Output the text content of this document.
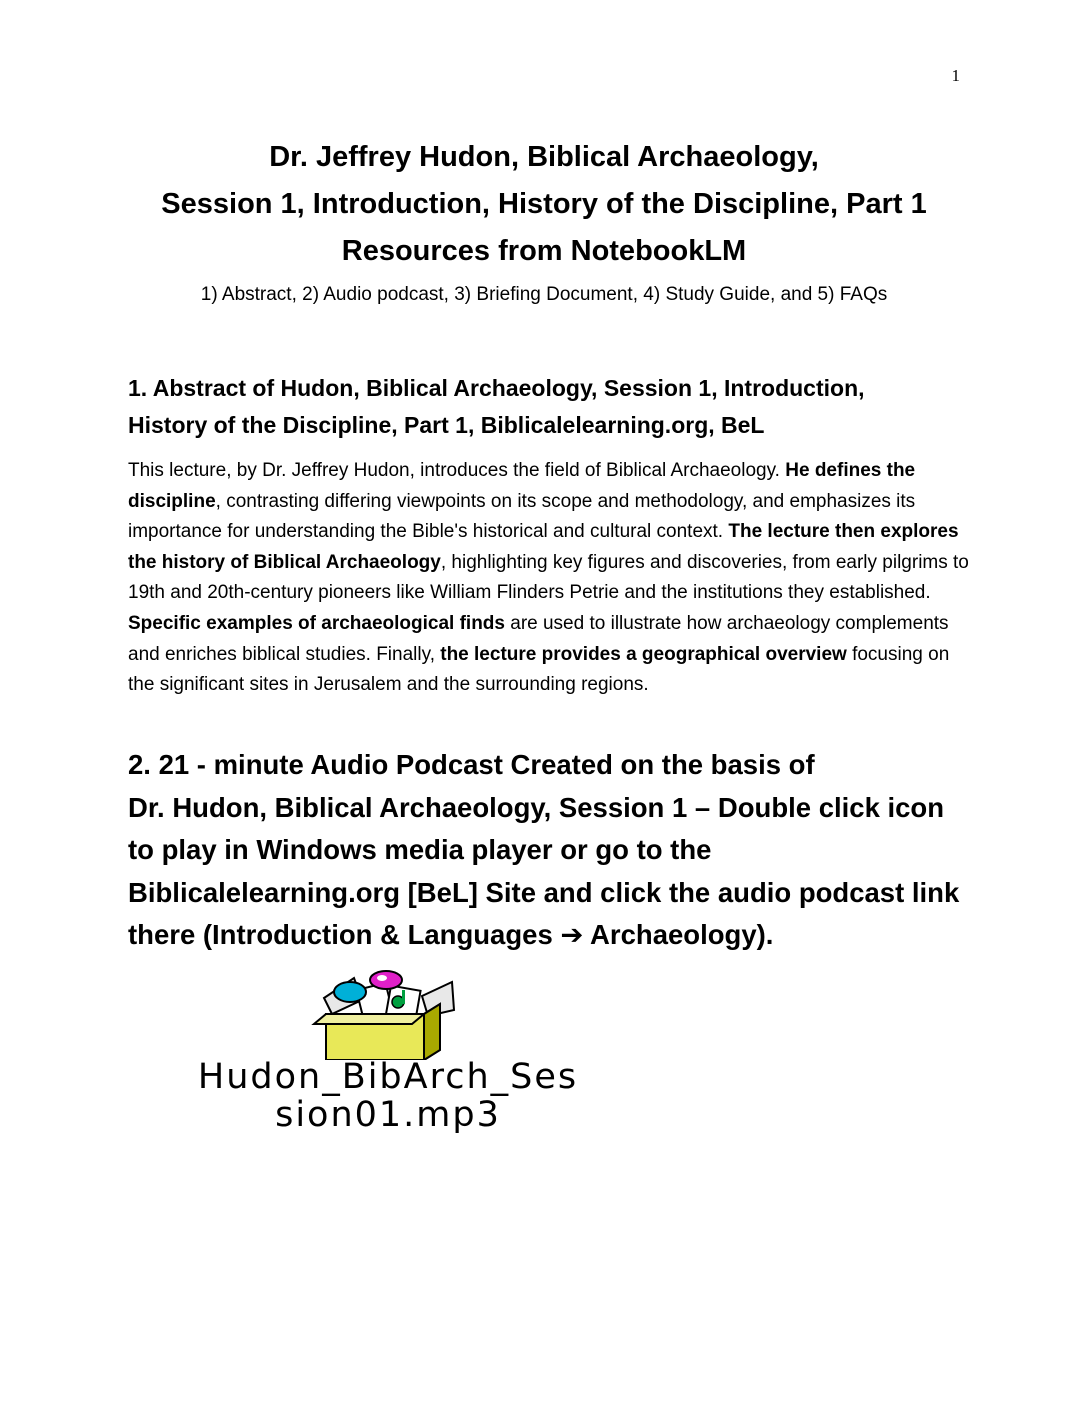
1
Dr. Jeffrey Hudon, Biblical Archaeology,
Session 1, Introduction, History of the Discipline, Part 1
Resources from NotebookLM
1) Abstract, 2) Audio podcast, 3) Briefing Document, 4) Study Guide, and 5) FAQs
1. Abstract of Hudon, Biblical Archaeology, Session 1, Introduction,
History of the Discipline, Part 1, Biblicalelearning.org, BeL
This lecture, by Dr. Jeffrey Hudon, introduces the field of Biblical Archaeology. He defines the discipline, contrasting differing viewpoints on its scope and methodology, and emphasizes its importance for understanding the Bible's historical and cultural context. The lecture then explores the history of Biblical Archaeology, highlighting key figures and discoveries, from early pilgrims to 19th and 20th-century pioneers like William Flinders Petrie and the institutions they established. Specific examples of archaeological finds are used to illustrate how archaeology complements and enriches biblical studies. Finally, the lecture provides a geographical overview focusing on the significant sites in Jerusalem and the surrounding regions.
2. 21 - minute Audio Podcast Created on the basis of
Dr. Hudon, Biblical Archaeology, Session 1 – Double click icon
to play in Windows media player or go to the
Biblicalelearning.org [BeL] Site and click the audio podcast link
there (Introduction & Languages ➔ Archaeology).
Hudon_BibArch_Ses
sion01.mp3
